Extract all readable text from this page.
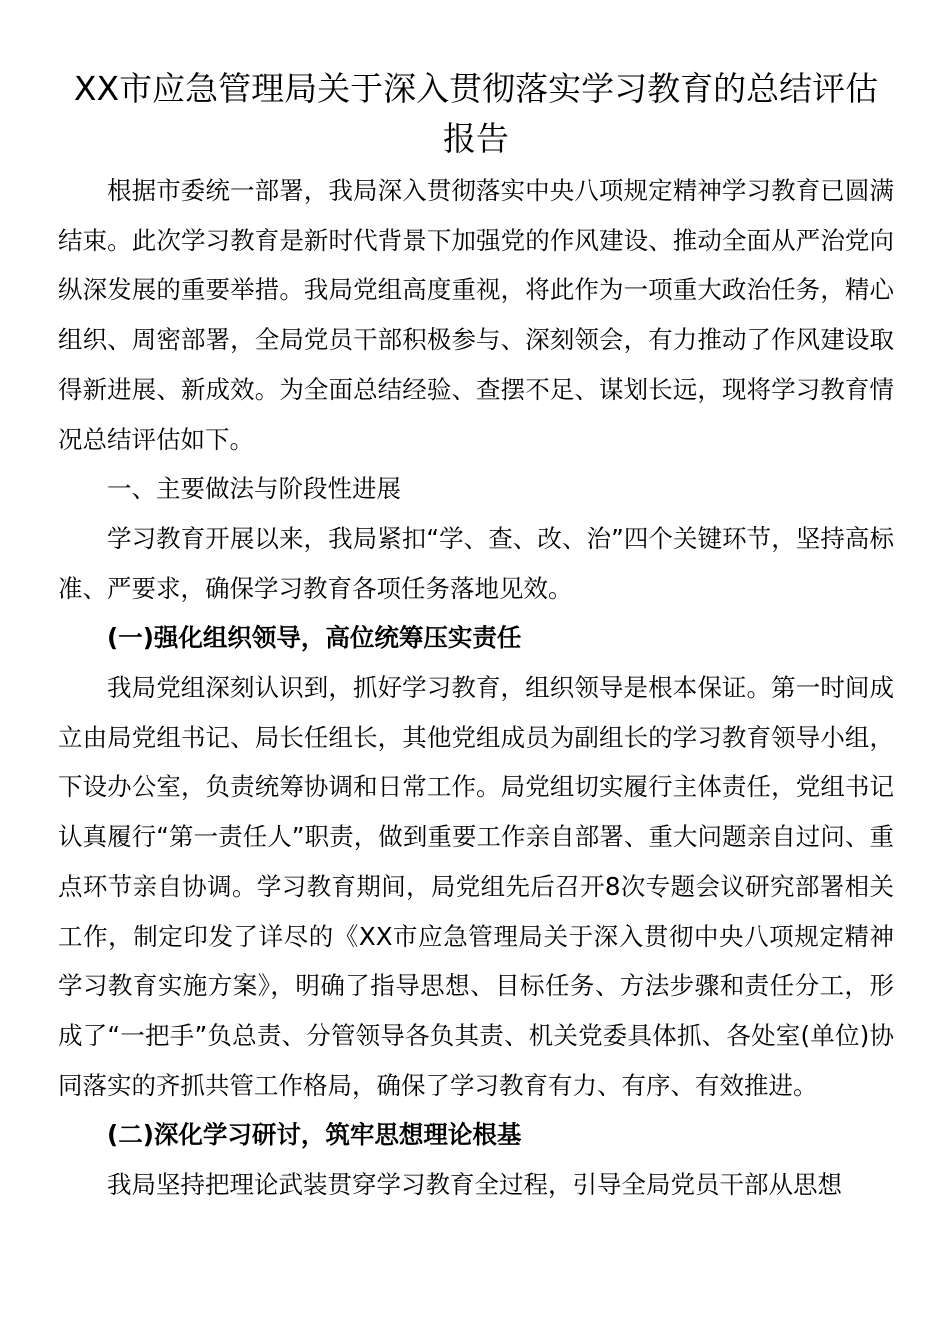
XX市应急管理局关于深入贯彻落实学习教育的总结评估报告

根据市委统一部署，我局深入贯彻落实中央八项规定精神学习教育已圆满结束。此次学习教育是新时代背景下加强党的作风建设、推动全面从严治党向纵深发展的重要举措。我局党组高度重视，将此作为一项重大政治任务，精心组织、周密部署，全局党员干部积极参与、深刻领会，有力推动了作风建设取得新进展、新成效。为全面总结经验、查摆不足、谋划长远，现将学习教育情况总结评估如下。

一、主要做法与阶段性进展

学习教育开展以来，我局紧扣“学、查、改、治”四个关键环节，坚持高标准、严要求，确保学习教育各项任务落地见效。

(一)强化组织领导，高位统筹压实责任

我局党组深刻认识到，抓好学习教育，组织领导是根本保证。第一时间成立由局党组书记、局长任组长，其他党组成员为副组长的学习教育领导小组，下设办公室，负责统筹协调和日常工作。局党组切实履行主体责任，党组书记认真履行“第一责任人”职责，做到重要工作亲自部署、重大问题亲自过问、重点环节亲自协调。学习教育期间，局党组先后召开8次专题会议研究部署相关工作，制定印发了详尽的《XX市应急管理局关于深入贯彻中央八项规定精神学习教育实施方案》，明确了指导思想、目标任务、方法步骤和责任分工，形成了“一把手”负总责、分管领导各负其责、机关党委具体抓、各处室(单位)协同落实的齐抓共管工作格局，确保了学习教育有力、有序、有效推进。

(二)深化学习研讨，筑牢思想理论根基

我局坚持把理论武装贯穿学习教育全过程，引导全局党员干部从思想
